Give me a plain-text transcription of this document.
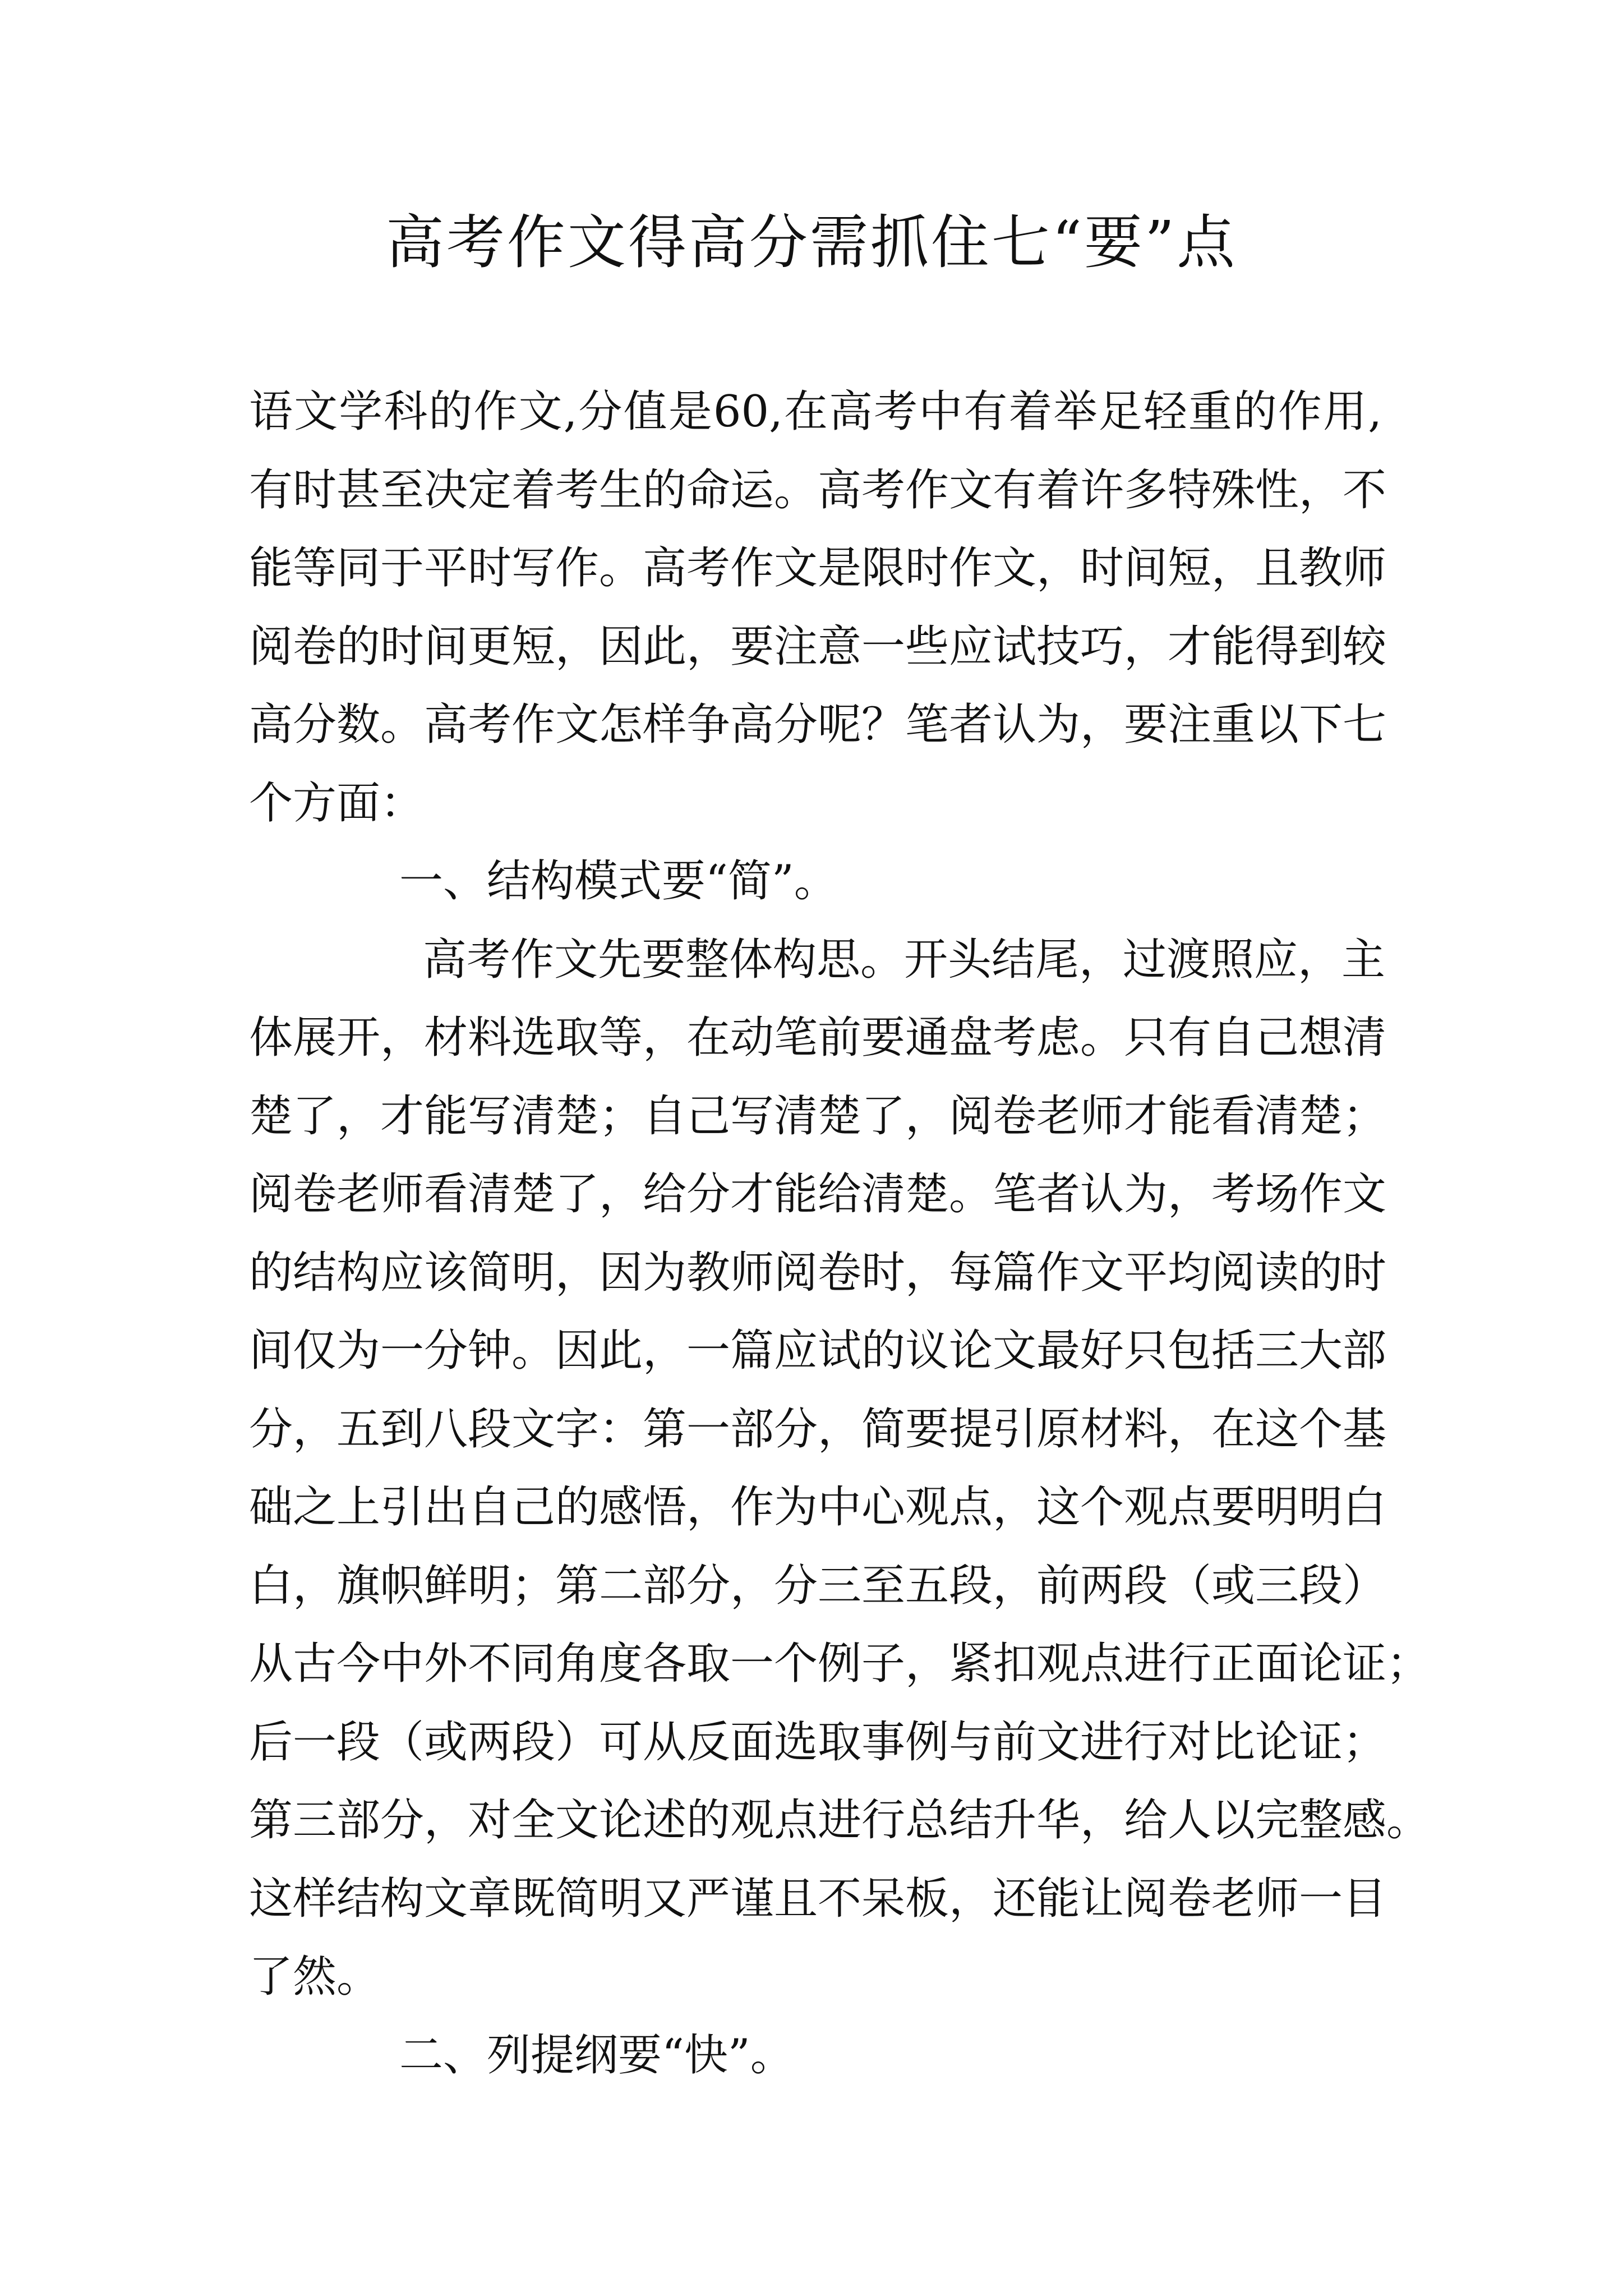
高考作文得高分需抓住七“要”点
语文学科的作文,分值是60,在高考中有着举足轻重的作用,
有时甚至决定着考生的命运。高考作文有着许多特殊性，不
能等同于平时写作。高考作文是限时作文，时间短，且教师
阅卷的时间更短，因此，要注意一些应试技巧，才能得到较
高分数。高考作文怎样争高分呢？笔者认为，要注重以下七
个方面：
一、结构模式要“简”。
高考作文先要整体构思。开头结尾，过渡照应，主
体展开，材料选取等，在动笔前要通盘考虑。只有自己想清
楚了，才能写清楚；自己写清楚了，阅卷老师才能看清楚；
阅卷老师看清楚了，给分才能给清楚。笔者认为，考场作文
的结构应该简明，因为教师阅卷时，每篇作文平均阅读的时
间仅为一分钟。因此，一篇应试的议论文最好只包括三大部
分，五到八段文字：第一部分，简要提引原材料，在这个基
础之上引出自己的感悟，作为中心观点，这个观点要明明白
白，旗帜鲜明；第二部分，分三至五段，前两段（或三段）
从古今中外不同角度各取一个例子，紧扣观点进行正面论证；
后一段（或两段）可从反面选取事例与前文进行对比论证；
第三部分，对全文论述的观点进行总结升华，给人以完整感。
这样结构文章既简明又严谨且不呆板，还能让阅卷老师一目
了然。
二、列提纲要“快”。
